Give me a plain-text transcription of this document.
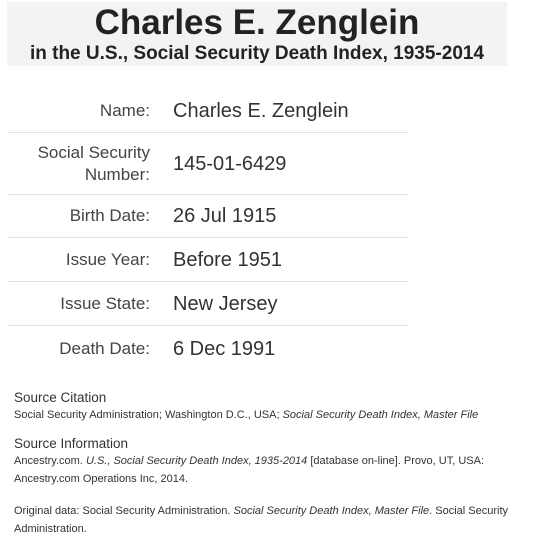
Charles E. Zenglein
in the U.S., Social Security Death Index, 1935-2014
Name:	Charles E. Zenglein
Social Security
Number:	145-01-6429
Birth Date:	26 Jul 1915
Issue Year:	Before 1951
Issue State:	New Jersey
Death Date:	6 Dec 1991
Source Citation
Social Security Administration; Washington D.C., USA; Social Security Death Index, Master File
Source Information
Ancestry.com. U.S., Social Security Death Index, 1935-2014 [database on-line]. Provo, UT, USA: Ancestry.com Operations Inc, 2014.
Original data: Social Security Administration. Social Security Death Index, Master File. Social Security Administration.
